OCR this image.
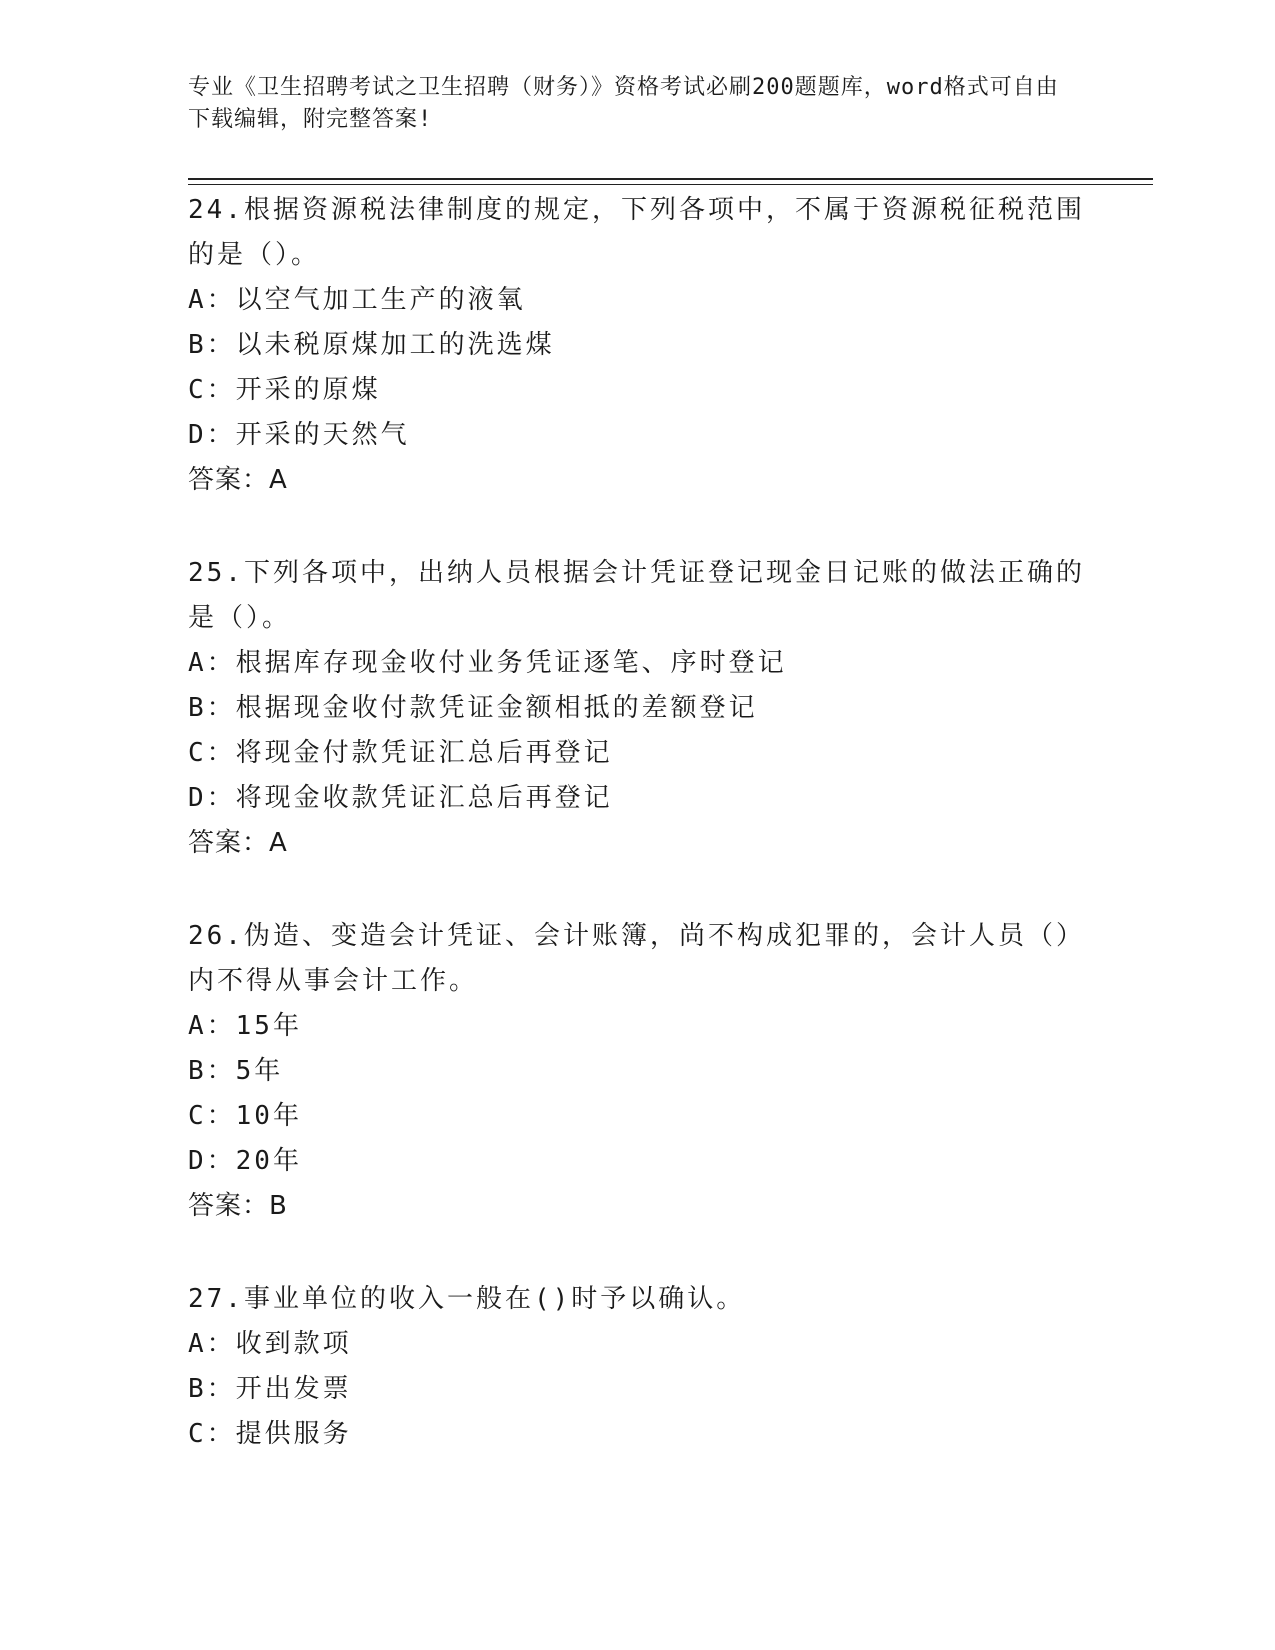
专业《卫生招聘考试之卫生招聘（财务）》资格考试必刷200题题库，word格式可自由下载编辑，附完整答案!
24.根据资源税法律制度的规定，下列各项中，不属于资源税征税范围的是（）。
A：以空气加工生产的液氧
B：以未税原煤加工的洗选煤
C：开采的原煤
D：开采的天然气
答案：A
25.下列各项中，出纳人员根据会计凭证登记现金日记账的做法正确的是（）。
A：根据库存现金收付业务凭证逐笔、序时登记
B：根据现金收付款凭证金额相抵的差额登记
C：将现金付款凭证汇总后再登记
D：将现金收款凭证汇总后再登记
答案：A
26.伪造、变造会计凭证、会计账簿，尚不构成犯罪的，会计人员（）内不得从事会计工作。
A：15年
B：5年
C：10年
D：20年
答案：B
27.事业单位的收入一般在()时予以确认。
A：收到款项
B：开出发票
C：提供服务
